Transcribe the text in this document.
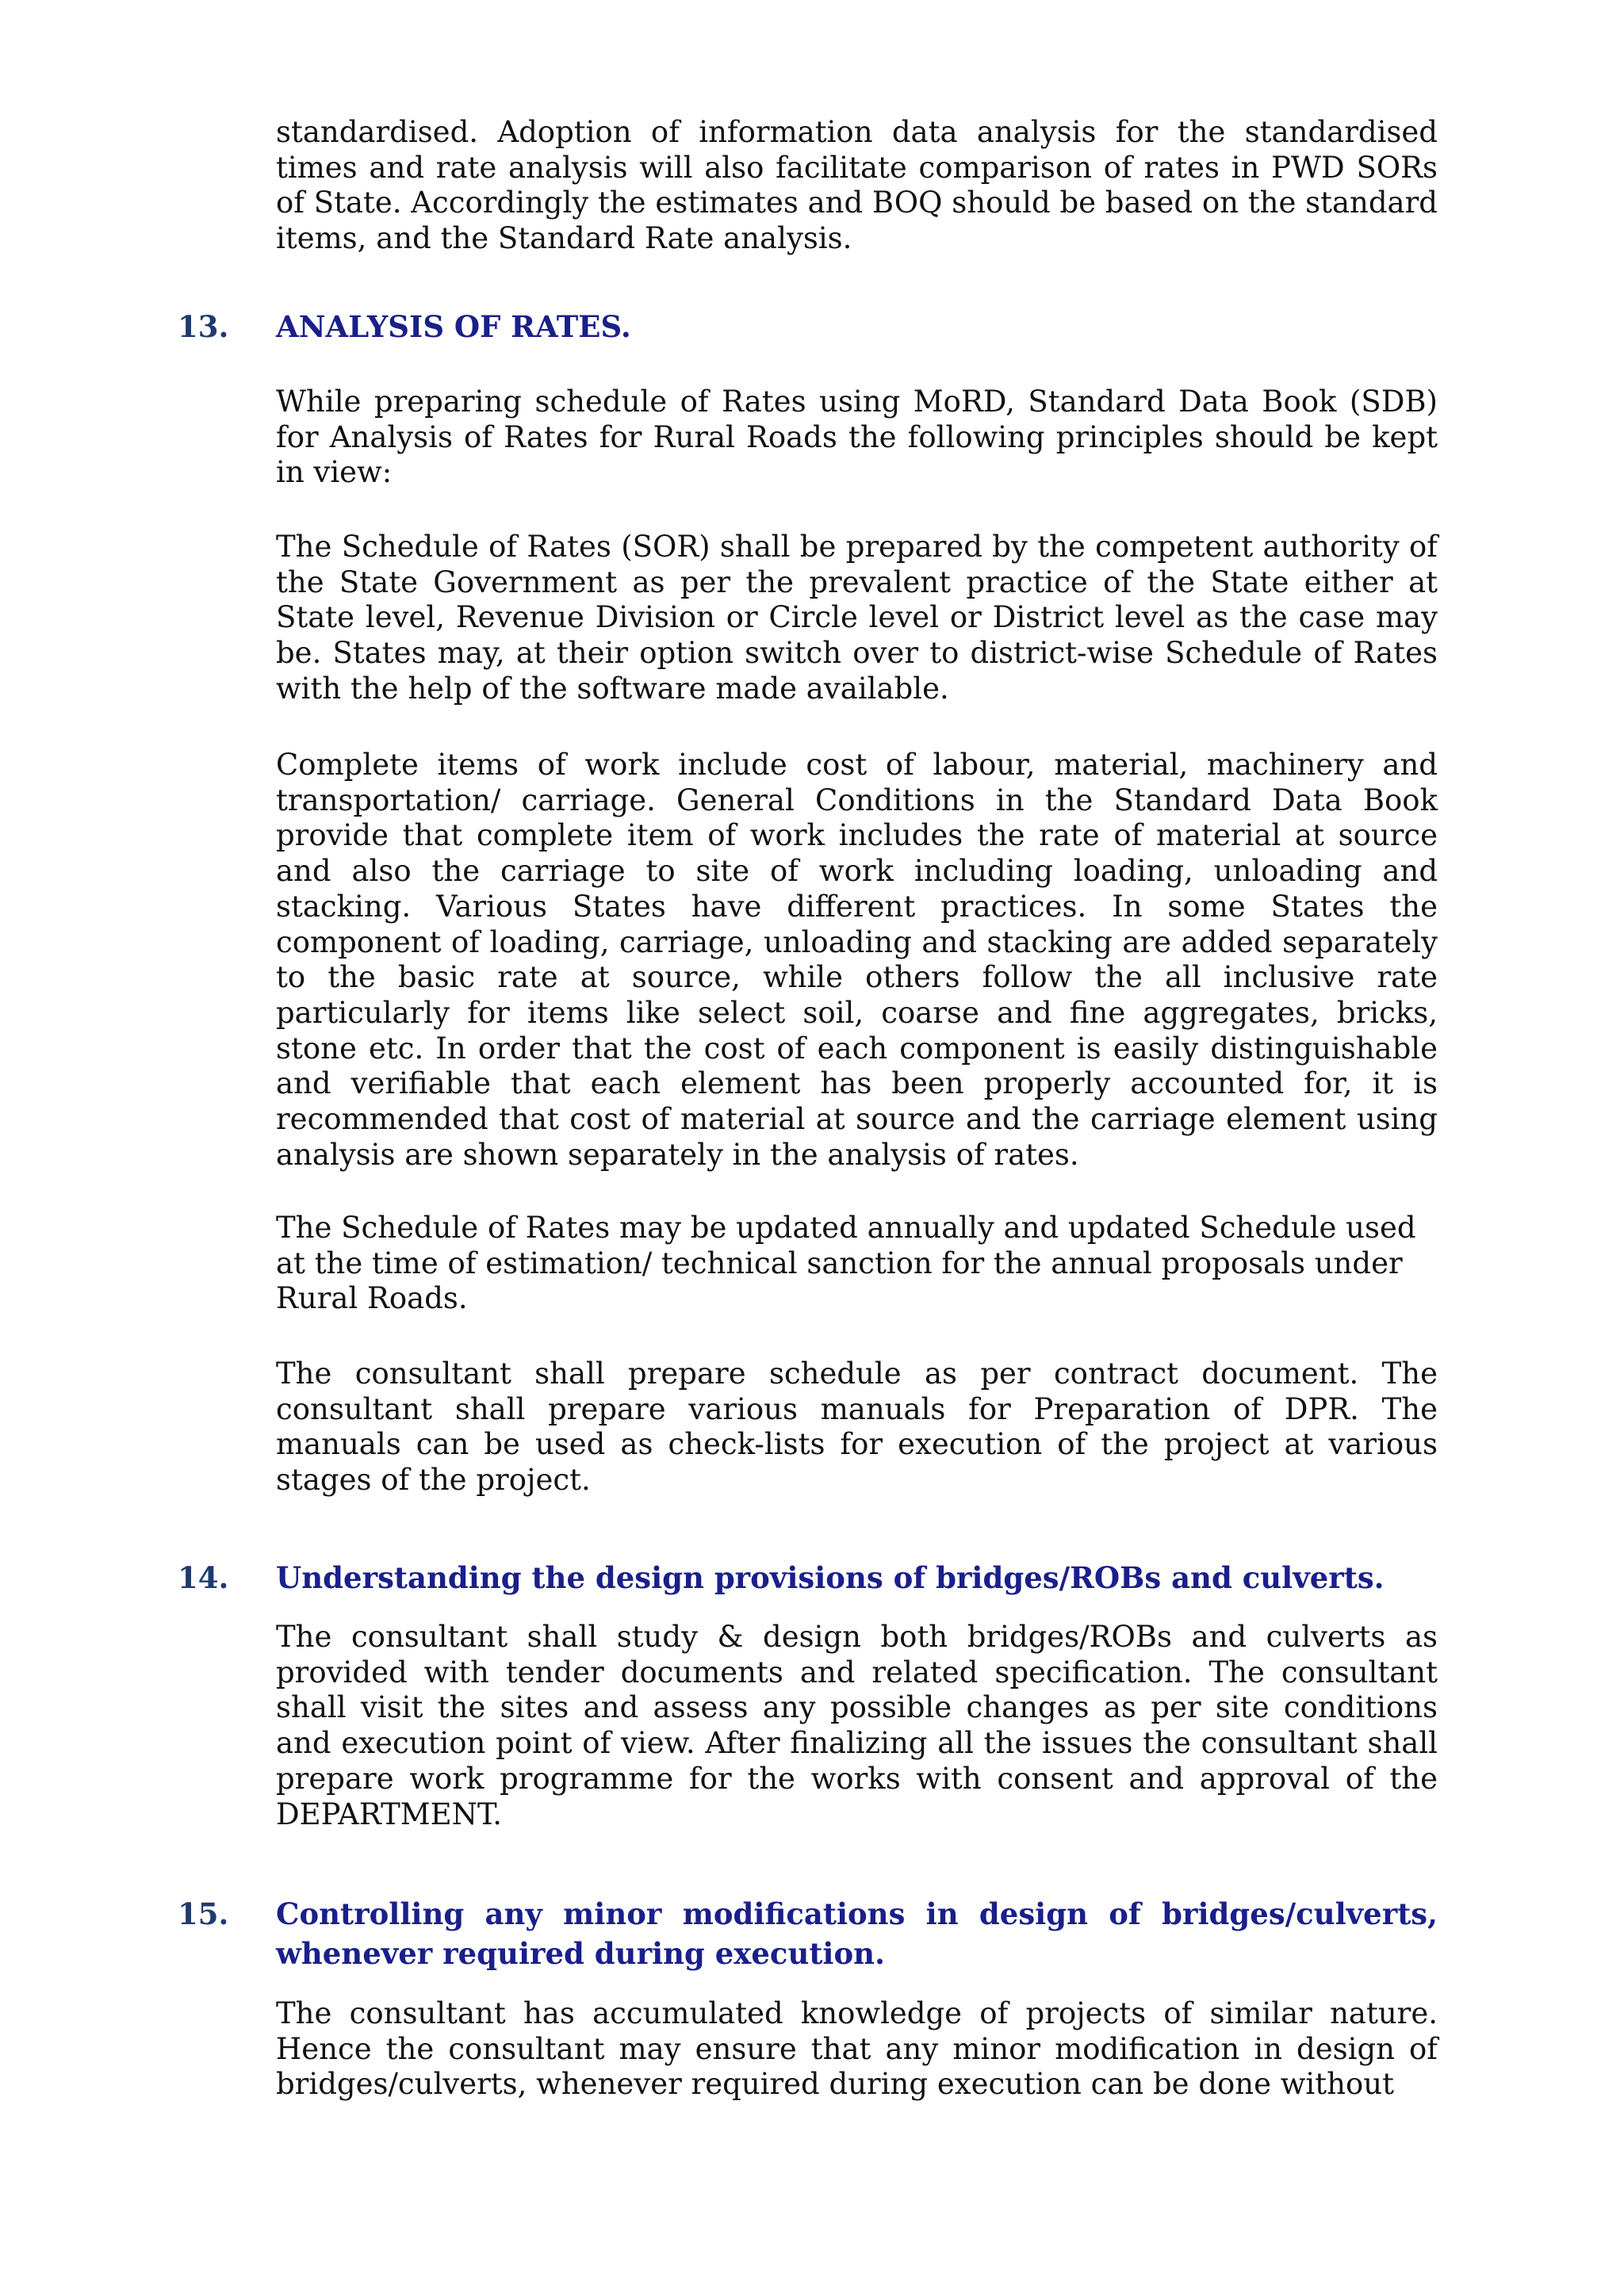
standardised. Adoption of information data analysis for the standardised times and rate analysis will also facilitate comparison of rates in PWD SORs of State. Accordingly the estimates and BOQ should be based on the standard items, and the Standard Rate analysis.

13. ANALYSIS OF RATES.

While preparing schedule of Rates using MoRD, Standard Data Book (SDB) for Analysis of Rates for Rural Roads the following principles should be kept in view:

The Schedule of Rates (SOR) shall be prepared by the competent authority of the State Government as per the prevalent practice of the State either at State level, Revenue Division or Circle level or District level as the case may be. States may, at their option switch over to district-wise Schedule of Rates with the help of the software made available.

Complete items of work include cost of labour, material, machinery and transportation/ carriage. General Conditions in the Standard Data Book provide that complete item of work includes the rate of material at source and also the carriage to site of work including loading, unloading and stacking. Various States have different practices. In some States the component of loading, carriage, unloading and stacking are added separately to the basic rate at source, while others follow the all inclusive rate particularly for items like select soil, coarse and fine aggregates, bricks, stone etc. In order that the cost of each component is easily distinguishable and verifiable that each element has been properly accounted for, it is recommended that cost of material at source and the carriage element using analysis are shown separately in the analysis of rates.

The Schedule of Rates may be updated annually and updated Schedule used at the time of estimation/ technical sanction for the annual proposals under Rural Roads.

The consultant shall prepare schedule as per contract document. The consultant shall prepare various manuals for Preparation of DPR. The manuals can be used as check-lists for execution of the project at various stages of the project.

14. Understanding the design provisions of bridges/ROBs and culverts.

The consultant shall study & design both bridges/ROBs and culverts as provided with tender documents and related specification. The consultant shall visit the sites and assess any possible changes as per site conditions and execution point of view. After finalizing all the issues the consultant shall prepare work programme for the works with consent and approval of the DEPARTMENT.

15. Controlling any minor modifications in design of bridges/culverts, whenever required during execution.

The consultant has accumulated knowledge of projects of similar nature. Hence the consultant may ensure that any minor modification in design of bridges/culverts, whenever required during execution can be done without
